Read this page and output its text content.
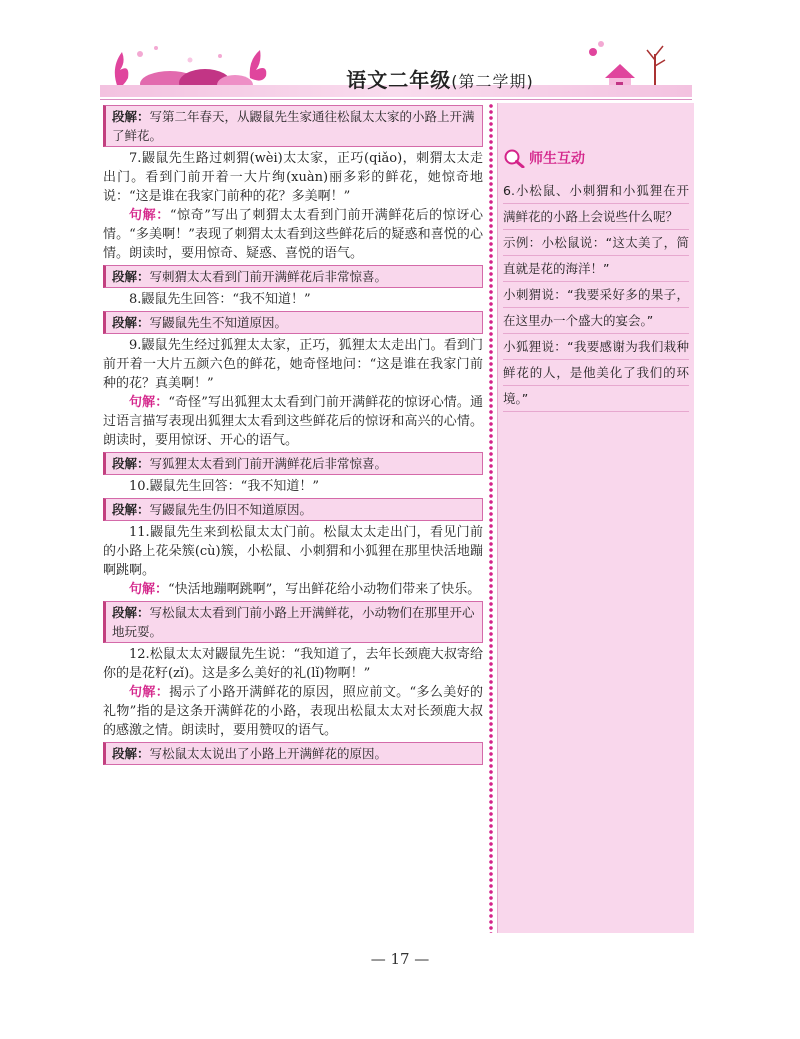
语文二年级(第二学期)
段解：写第二年春天，从鼹鼠先生家通往松鼠太太家的小路上开满了鲜花。

7.鼹鼠先生路过刺猬(wèi)太太家，正巧(qiǎo)，刺猬太太走出门。看到门前开着一大片绚(xuàn)丽多彩的鲜花，她惊奇地说：“这是谁在我家门前种的花？多美啊！”

句解：“惊奇”写出了刺猬太太看到门前开满鲜花后的惊讶心情。“多美啊！”表现了刺猬太太看到这些鲜花后的疑惑和喜悦的心情。朗读时，要用惊奇、疑惑、喜悦的语气。

段解：写刺猬太太看到门前开满鲜花后非常惊喜。

8.鼹鼠先生回答：“我不知道！”

段解：写鼹鼠先生不知道原因。

9.鼹鼠先生经过狐狸太太家，正巧，狐狸太太走出门。看到门前开着一大片五颜六色的鲜花，她奇怪地问：“这是谁在我家门前种的花？真美啊！”

句解：“奇怪”写出狐狸太太看到门前开满鲜花的惊讶心情。通过语言描写表现出狐狸太太看到这些鲜花后的惊讶和高兴的心情。朗读时，要用惊讶、开心的语气。

段解：写狐狸太太看到门前开满鲜花后非常惊喜。

10.鼹鼠先生回答：“我不知道！”

段解：写鼹鼠先生仍旧不知道原因。

11.鼹鼠先生来到松鼠太太门前。松鼠太太走出门，看见门前的小路上花朵簇(cù)簇，小松鼠、小刺猬和小狐狸在那里快活地蹦啊跳啊。

句解：“快活地蹦啊跳啊”，写出鲜花给小动物们带来了快乐。

段解：写松鼠太太看到门前小路上开满鲜花，小动物们在那里开心地玩耍。

12.松鼠太太对鼹鼠先生说：“我知道了，去年长颈鹿大叔寄给你的是花籽(zǐ)。这是多么美好的礼(lǐ)物啊！”

句解：揭示了小路开满鲜花的原因，照应前文。“多么美好的礼物”指的是这条开满鲜花的小路，表现出松鼠太太对长颈鹿大叔的感激之情。朗读时，要用赞叹的语气。

段解：写松鼠太太说出了小路上开满鲜花的原因。
师生互动

6.小松鼠、小刺猬和小狐狸在开满鲜花的小路上会说些什么呢？

示例：小松鼠说：“这太美了，简直就是花的海洋！”

小刺猬说：“我要采好多的果子，在这里办一个盛大的宴会。”

小狐狸说：“我要感谢为我们栽种鲜花的人，是他美化了我们的环境。”

— 17 —
